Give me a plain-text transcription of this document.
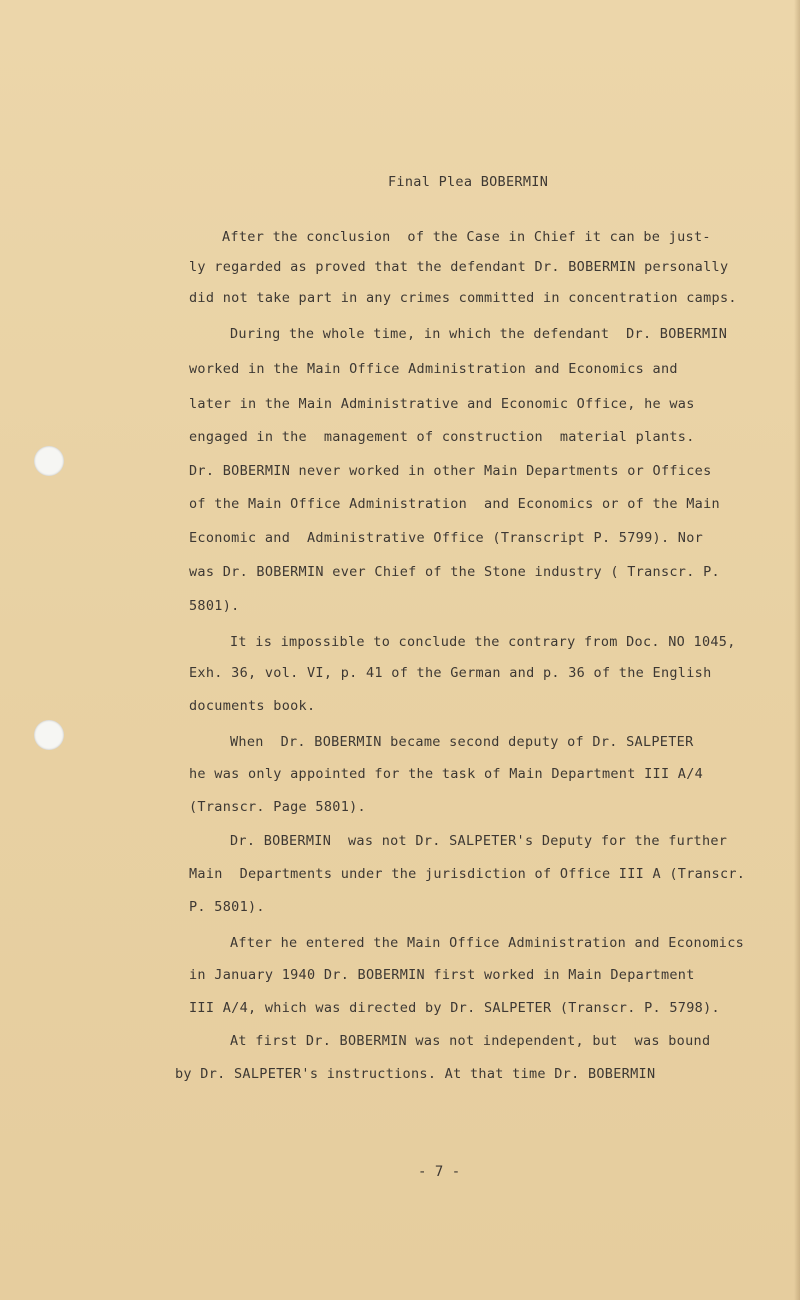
Final Plea BOBERMIN
After the conclusion  of the Case in Chief it can be just-
ly regarded as proved that the defendant Dr. BOBERMIN personally
did not take part in any crimes committed in concentration camps.
During the whole time, in which the defendant  Dr. BOBERMIN
worked in the Main Office Administration and Economics and
later in the Main Administrative and Economic Office, he was
engaged in the  management of construction  material plants.
Dr. BOBERMIN never worked in other Main Departments or Offices
of the Main Office Administration  and Economics or of the Main
Economic and  Administrative Office (Transcript P. 5799). Nor
was Dr. BOBERMIN ever Chief of the Stone industry ( Transcr. P.
5801).
It is impossible to conclude the contrary from Doc. NO 1045,
Exh. 36, vol. VI, p. 41 of the German and p. 36 of the English
documents book.
When  Dr. BOBERMIN became second deputy of Dr. SALPETER
he was only appointed for the task of Main Department III A/4
(Transcr. Page 5801).
Dr. BOBERMIN  was not Dr. SALPETER's Deputy for the further
Main  Departments under the jurisdiction of Office III A (Transcr.
P. 5801).
After he entered the Main Office Administration and Economics
in January 1940 Dr. BOBERMIN first worked in Main Department
III A/4, which was directed by Dr. SALPETER (Transcr. P. 5798).
At first Dr. BOBERMIN was not independent, but  was bound
by Dr. SALPETER's instructions. At that time Dr. BOBERMIN
- 7 -
